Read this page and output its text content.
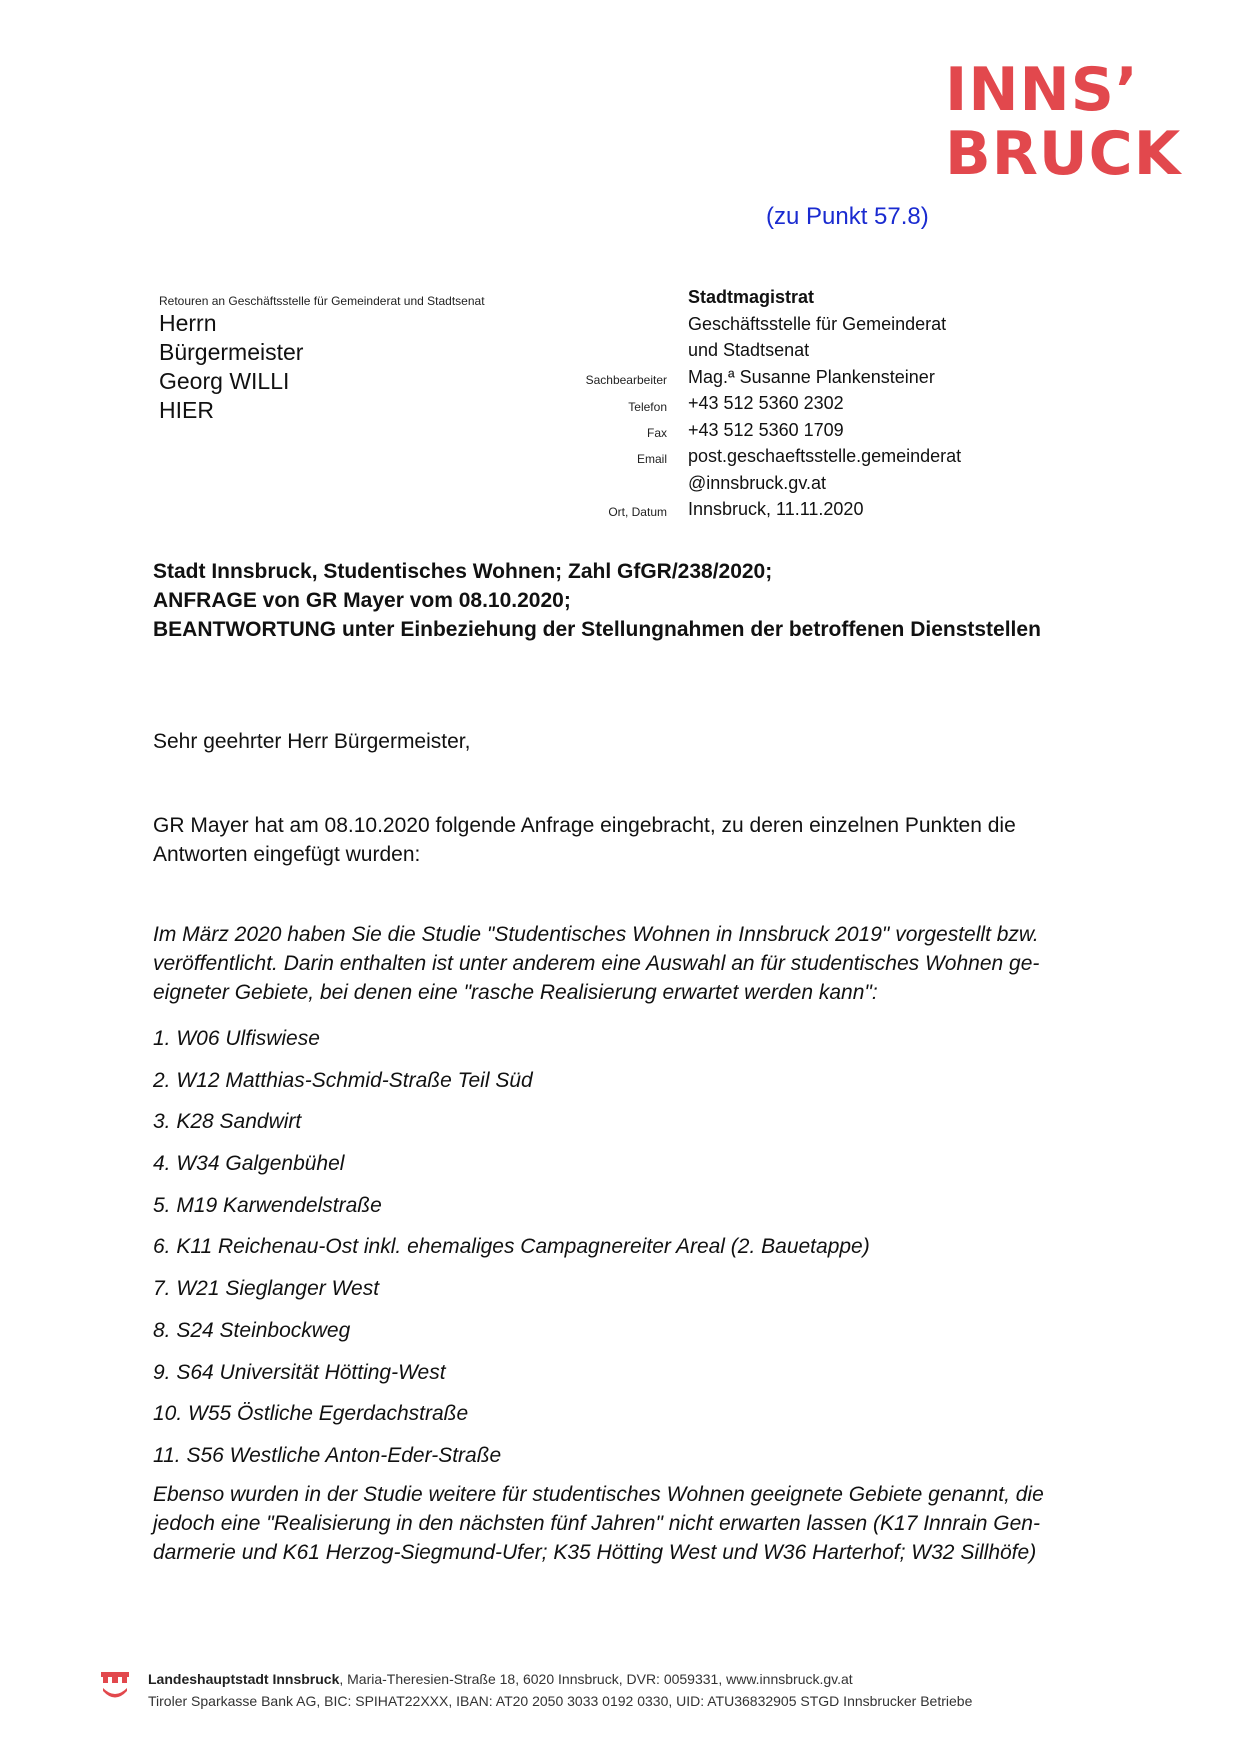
INNS’
BRUCK
(zu Punkt 57.8)
Retouren an Geschäftsstelle für Gemeinderat und Stadtsenat
Herrn
Bürgermeister
Georg WILLI
HIER
Sachbearbeiter
Telefon
Fax
Email
Ort, Datum
Stadtmagistrat
Geschäftsstelle für Gemeinderat
und Stadtsenat
Mag.ª Susanne Plankensteiner
+43 512 5360 2302
+43 512 5360 1709
post.geschaeftsstelle.gemeinderat
@innsbruck.gv.at
Innsbruck, 11.11.2020
Stadt Innsbruck, Studentisches Wohnen; Zahl GfGR/238/2020;
ANFRAGE von GR Mayer vom 08.10.2020;
BEANTWORTUNG unter Einbeziehung der Stellungnahmen der betroffenen Dienststellen
Sehr geehrter Herr Bürgermeister,
GR Mayer hat am 08.10.2020 folgende Anfrage eingebracht, zu deren einzelnen Punkten die
Antworten eingefügt wurden:
Im März 2020 haben Sie die Studie "Studentisches Wohnen in Innsbruck 2019" vorgestellt bzw.
veröffentlicht. Darin enthalten ist unter anderem eine Auswahl an für studentisches Wohnen ge-
eigneter Gebiete, bei denen eine "rasche Realisierung erwartet werden kann":
1. W06 Ulfiswiese
2. W12 Matthias-Schmid-Straße Teil Süd
3. K28 Sandwirt
4. W34 Galgenbühel
5. M19 Karwendelstraße
6. K11 Reichenau-Ost inkl. ehemaliges Campagnereiter Areal (2. Bauetappe)
7. W21 Sieglanger West
8. S24 Steinbockweg
9. S64 Universität Hötting-West
10. W55 Östliche Egerdachstraße
11. S56 Westliche Anton-Eder-Straße
Ebenso wurden in der Studie weitere für studentisches Wohnen geeignete Gebiete genannt, die
jedoch eine "Realisierung in den nächsten fünf Jahren" nicht erwarten lassen (K17 Innrain Gen-
darmerie und K61 Herzog-Siegmund-Ufer; K35 Hötting West und W36 Harterhof; W32 Sillhöfe)
Landeshauptstadt Innsbruck, Maria-Theresien-Straße 18, 6020 Innsbruck, DVR: 0059331, www.innsbruck.gv.at
Tiroler Sparkasse Bank AG, BIC: SPIHAT22XXX, IBAN: AT20 2050 3033 0192 0330, UID: ATU36832905 STGD Innsbrucker Betriebe
